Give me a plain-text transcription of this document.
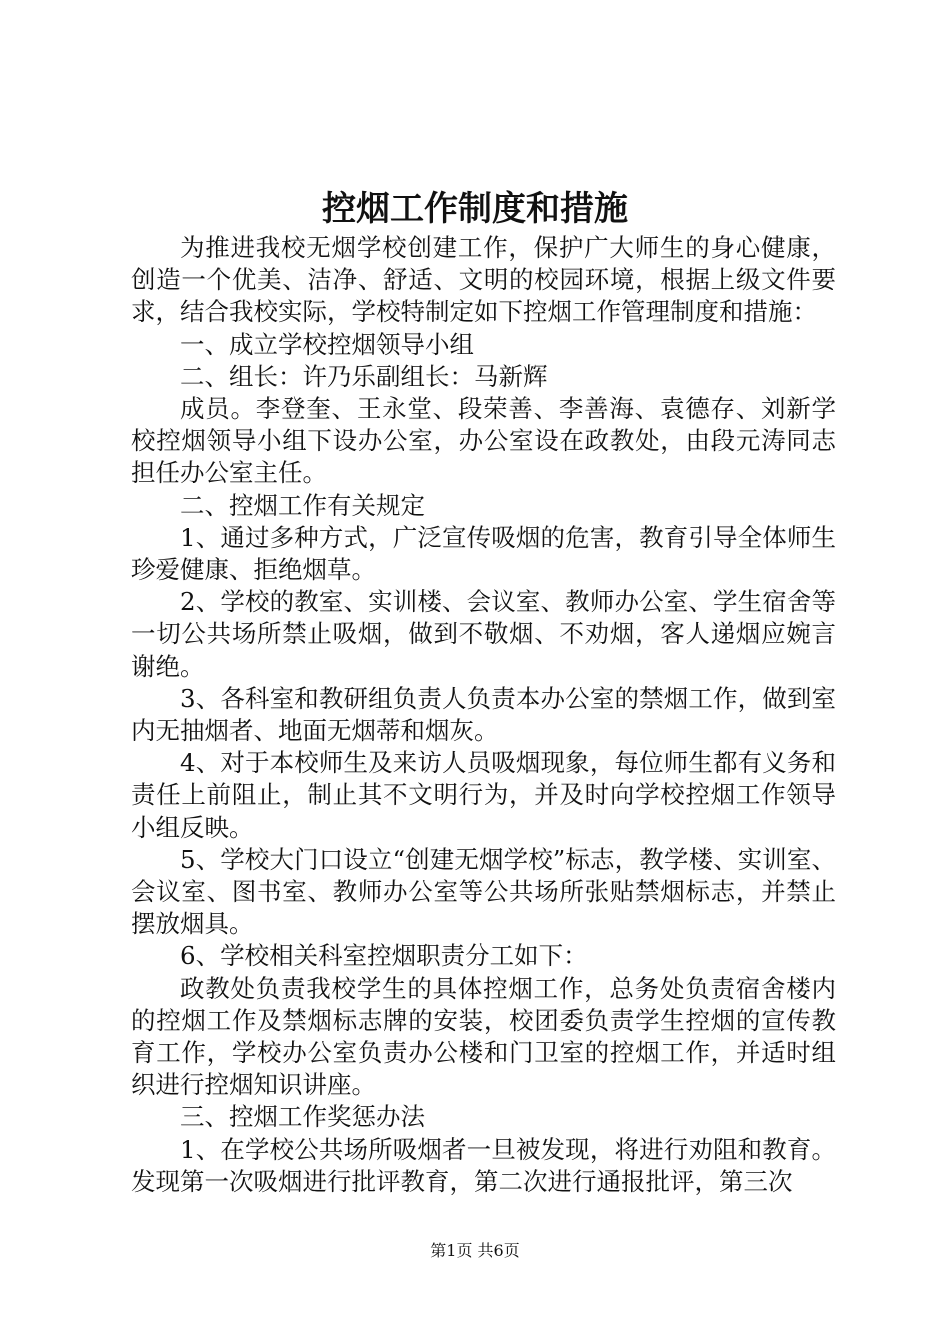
控烟工作制度和措施

为推进我校无烟学校创建工作，保护广大师生的身心健康，创造一个优美、洁净、舒适、文明的校园环境，根据上级文件要求，结合我校实际，学校特制定如下控烟工作管理制度和措施：

一、成立学校控烟领导小组

二、组长：许乃乐副组长：马新辉

成员。李登奎、王永堂、段荣善、李善海、袁德存、刘新学校控烟领导小组下设办公室，办公室设在政教处，由段元涛同志担任办公室主任。

二、控烟工作有关规定

1、通过多种方式，广泛宣传吸烟的危害，教育引导全体师生珍爱健康、拒绝烟草。

2、学校的教室、实训楼、会议室、教师办公室、学生宿舍等一切公共场所禁止吸烟，做到不敬烟、不劝烟，客人递烟应婉言谢绝。

3、各科室和教研组负责人负责本办公室的禁烟工作，做到室内无抽烟者、地面无烟蒂和烟灰。

4、对于本校师生及来访人员吸烟现象，每位师生都有义务和责任上前阻止，制止其不文明行为，并及时向学校控烟工作领导小组反映。

5、学校大门口设立“创建无烟学校”标志，教学楼、实训室、会议室、图书室、教师办公室等公共场所张贴禁烟标志，并禁止摆放烟具。

6、学校相关科室控烟职责分工如下：

政教处负责我校学生的具体控烟工作，总务处负责宿舍楼内的控烟工作及禁烟标志牌的安装，校团委负责学生控烟的宣传教育工作，学校办公室负责办公楼和门卫室的控烟工作，并适时组织进行控烟知识讲座。

三、控烟工作奖惩办法

1、在学校公共场所吸烟者一旦被发现，将进行劝阻和教育。发现第一次吸烟进行批评教育，第二次进行通报批评，第三次

第1页 共6页
